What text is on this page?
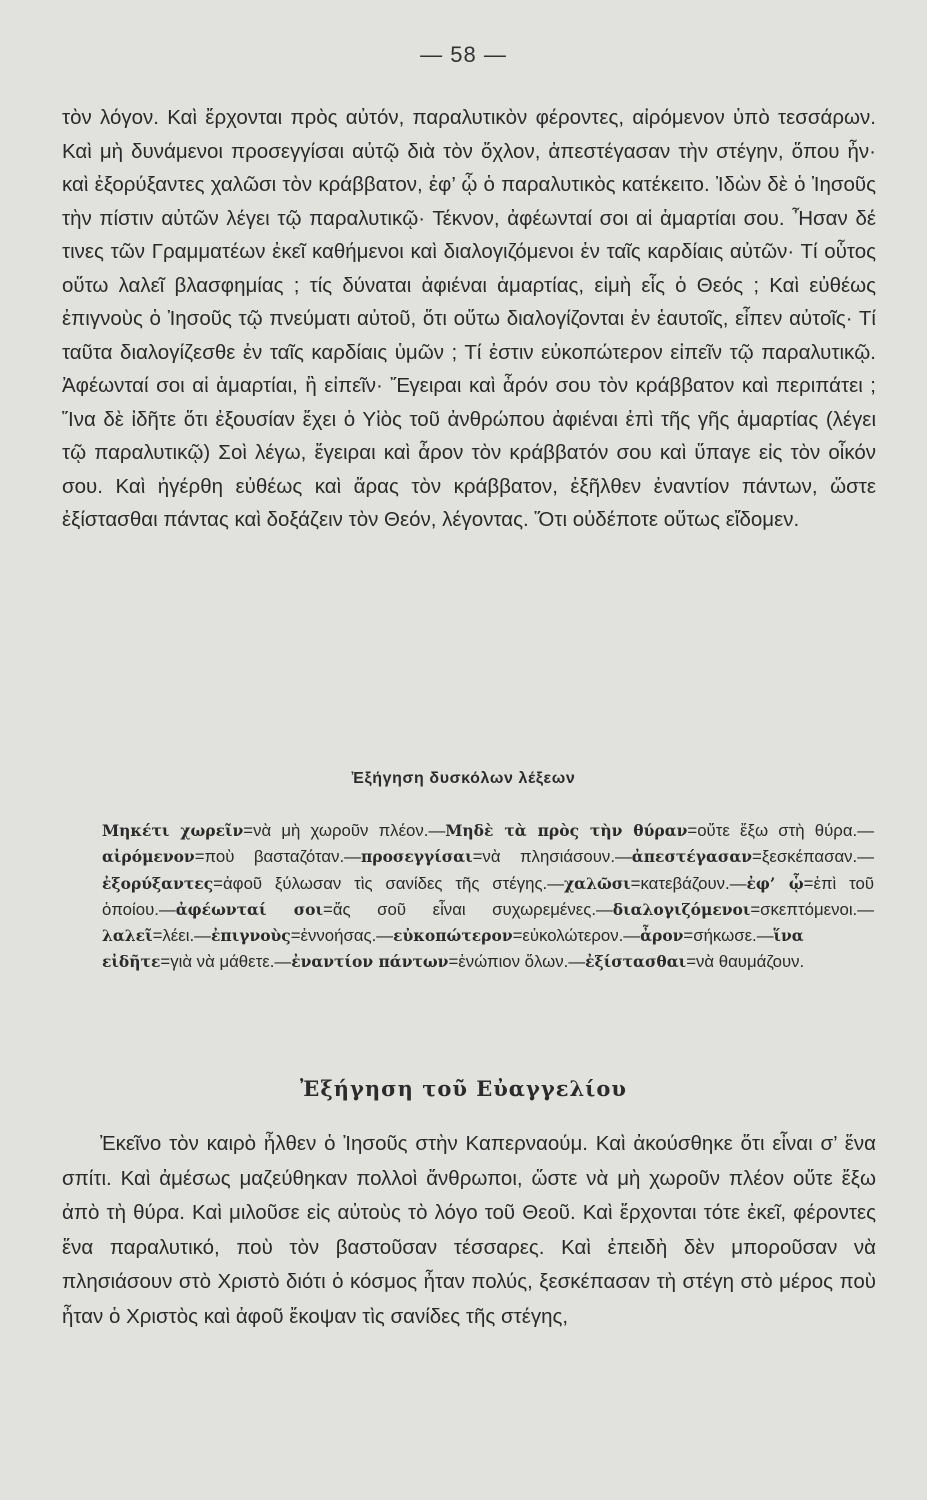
— 58 —

τὸν λόγον. Καὶ ἔρχονται πρὸς αὐτόν, παραλυτικὸν φέροντες, αἰρόμενον ὑπὸ τεσσάρων. Καὶ μὴ δυνάμενοι προσεγγίσαι αὐτῷ διὰ τὸν ὄχλον, ἀπεστέγασαν τὴν στέγην, ὅπου ἦν· καὶ ἐξορύξαντες χαλῶσι τὸν κράββατον, ἐφ’ ᾧ ὁ παραλυτικὸς κατέκειτο. Ἰδὼν δὲ ὁ Ἰησοῦς τὴν πίστιν αὐτῶν λέγει τῷ παραλυτικῷ· Τέκνον, ἀφέωνταί σοι αἱ ἁμαρτίαι σου. Ἦσαν δέ τινες τῶν Γραμματέων ἐκεῖ καθήμενοι καὶ διαλογιζόμενοι ἐν ταῖς καρδίαις αὐτῶν· Τί οὗτος οὕτω λαλεῖ βλασφημίας ; τίς δύναται ἀφιέναι ἁμαρτίας, εἰμὴ εἷς ὁ Θεός ; Καὶ εὐθέως ἐπιγνοὺς ὁ Ἰησοῦς τῷ πνεύματι αὐτοῦ, ὅτι οὕτω διαλογίζονται ἐν ἑαυτοῖς, εἶπεν αὐτοῖς· Τί ταῦτα διαλογίζεσθε ἐν ταῖς καρδίαις ὑμῶν ; Τί ἐστιν εὐκοπώτερον εἰπεῖν τῷ παραλυτικῷ. Ἀφέωνταί σοι αἱ ἁμαρτίαι, ἢ εἰπεῖν· Ἔγειραι καὶ ἆρόν σου τὸν κράββατον καὶ περιπάτει ; Ἵνα δὲ ἰδῆτε ὅτι ἐξουσίαν ἔχει ὁ Υἱὸς τοῦ ἀνθρώπου ἀφιέναι ἐπὶ τῆς γῆς ἁμαρτίας (λέγει τῷ παραλυτικῷ) Σοὶ λέγω, ἔγειραι καὶ ἆρον τὸν κράββατόν σου καὶ ὕπαγε εἰς τὸν οἶκόν σου. Καὶ ἠγέρθη εὐθέως καὶ ἄρας τὸν κράββατον, ἐξῆλθεν ἐναντίον πάντων, ὥστε ἐξίστασθαι πάντας καὶ δοξάζειν τὸν Θεόν, λέγοντας. Ὅτι οὐδέποτε οὕτως εἴδομεν.

Ἐξήγηση δυσκόλων λέξεων

Μηκέτι χωρεῖν=νὰ μὴ χωροῦν πλέον.—Μηδὲ τὰ πρὸς τὴν θύραν=οὔτε ἔξω στὴ θύρα.—αἰρόμενον=ποὺ βασταζόταν.—προσεγγίσαι=νὰ πλησιάσουν.—ἀπεστέγασαν=ξεσκέπασαν.—ἐξορύξαντες=ἀφοῦ ξύλωσαν τὶς σανίδες τῆς στέγης.—χαλῶσι=κατεβάζουν.—ἐφ’ ᾧ=ἐπὶ τοῦ ὁποίου.—ἀφέωνταί σοι=ἄς σοῦ εἶναι συχωρεμένες.—διαλογιζόμενοι=σκεπτόμενοι.—λαλεῖ=λέει.—ἐπιγνοὺς=ἐννοήσας.—εὐκοπώτερον=εὐκολώτερον.—ἆρον=σήκωσε.—ἵνα εἰδῆτε=γιὰ νὰ μάθετε.—ἐναντίον πάντων=ἐνώπιον ὅλων.—ἐξίστασθαι=νὰ θαυμάζουν.

Ἐξήγηση τοῦ Εὐαγγελίου

Ἐκεῖνο τὸν καιρὸ ἦλθεν ὁ Ἰησοῦς στὴν Καπερναούμ. Καὶ ἀκούσθηκε ὅτι εἶναι σ’ ἕνα σπίτι. Καὶ ἀμέσως μαζεύθηκαν πολλοὶ ἄνθρωποι, ὥστε νὰ μὴ χωροῦν πλέον οὔτε ἔξω ἀπὸ τὴ θύρα. Καὶ μιλοῦσε εἰς αὐτοὺς τὸ λόγο τοῦ Θεοῦ. Καὶ ἔρχονται τότε ἐκεῖ, φέροντες ἕνα παραλυτικό, ποὺ τὸν βαστοῦσαν τέσσαρες. Καὶ ἐπειδὴ δὲν μποροῦσαν νὰ πλησιάσουν στὸ Χριστὸ διότι ὁ κόσμος ἦταν πολύς, ξεσκέπασαν τὴ στέγη στὸ μέρος ποὺ ἦταν ὁ Χριστὸς καὶ ἀφοῦ ἔκοψαν τὶς σανίδες τῆς στέγης,
